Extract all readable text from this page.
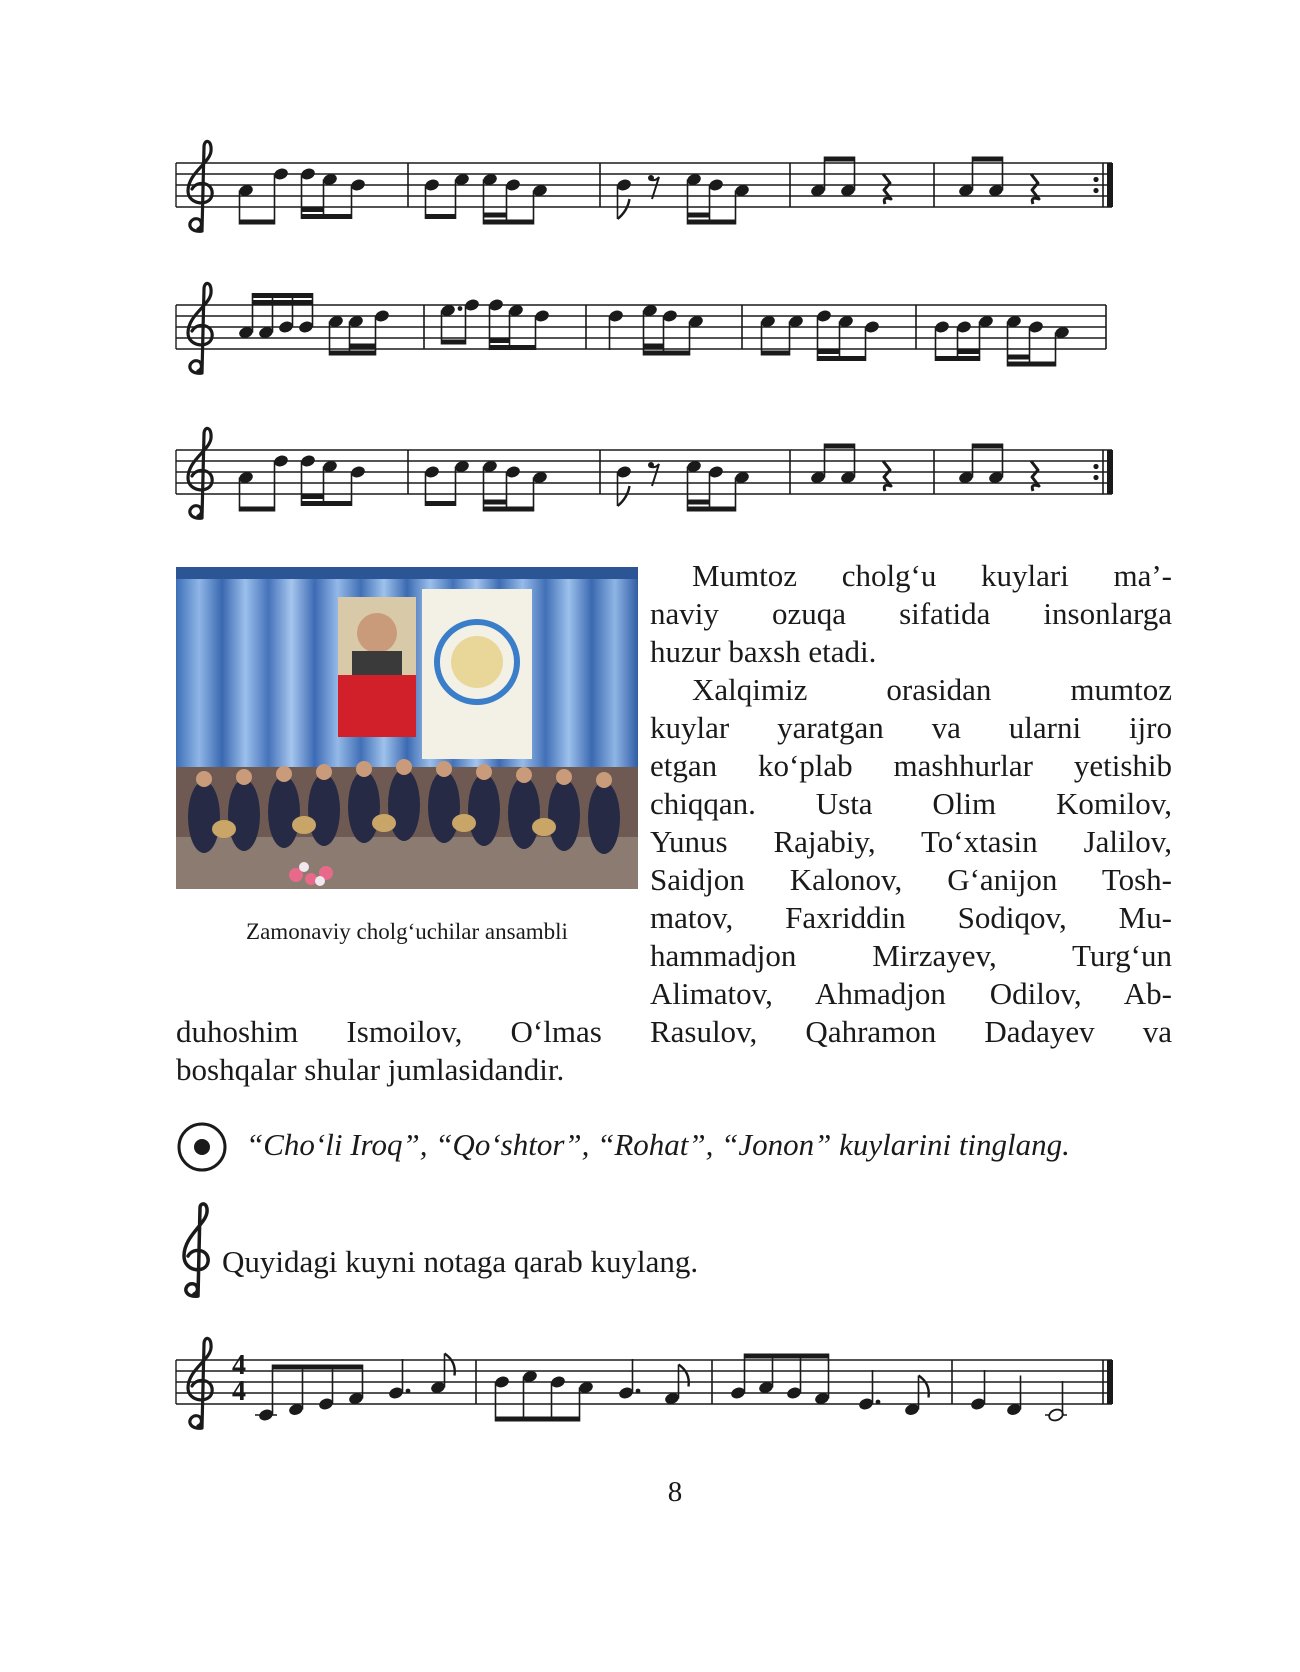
Zamonaviy cholg‘uchilar ansambli
Mumtoz cholg‘u kuylari ma’-
naviy ozuqa sifatida insonlarga
huzur baxsh etadi.
Xalqimiz orasidan mumtoz
kuylar yaratgan va ularni ijro
etgan ko‘plab mashhurlar yetishib
chiqqan. Usta Olim Komilov,
Yunus Rajabiy, To‘xtasin Jalilov,
Saidjon Kalonov, G‘anijon Tosh-
matov, Faxriddin Sodiqov, Mu-
hammadjon Mirzayev, Turg‘un
Alimatov, Ahmadjon Odilov, Ab-
duhoshim Ismoilov, O‘lmas Rasulov, Qahramon Dadayev va
boshqalar shular jumlasidandir.
“Cho‘li Iroq”, “Qo‘shtor”, “Rohat”, “Jonon” kuylarini tinglang.
Quyidagi kuyni notaga qarab kuylang.
4
4
8
